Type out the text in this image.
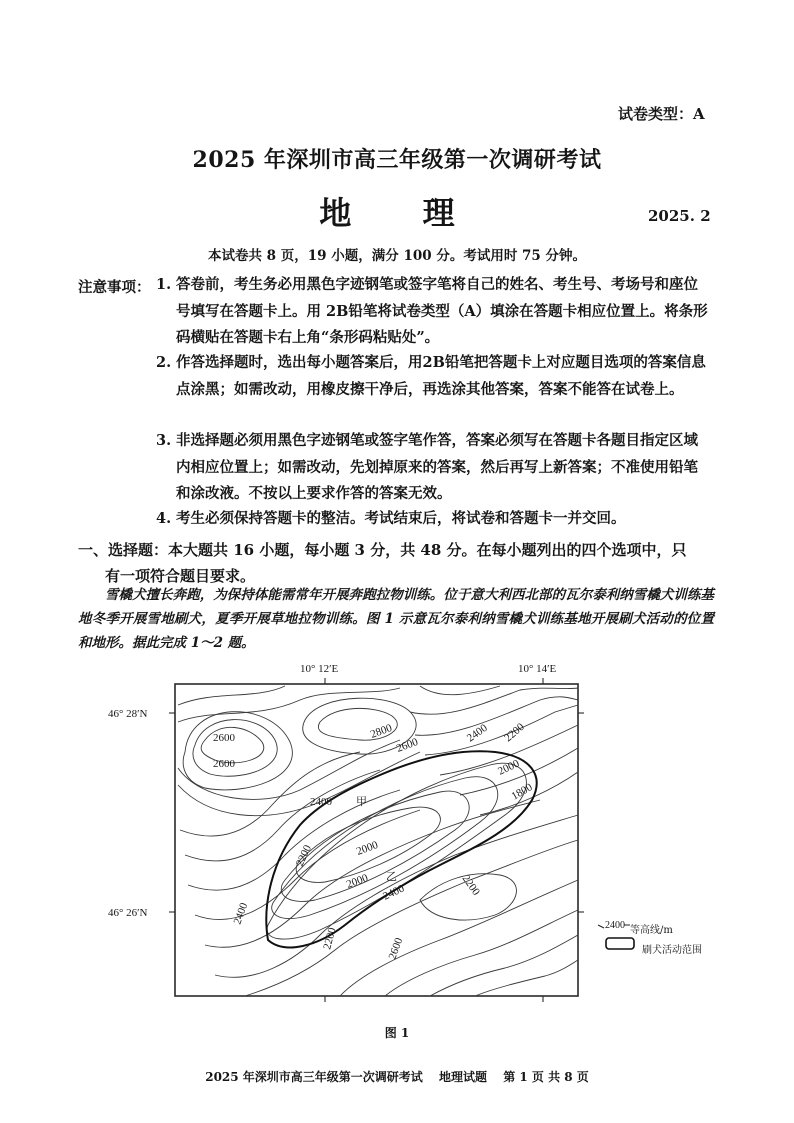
试卷类型：A
2025 年深圳市高三年级第一次调研考试
地 理	2025. 2
本试卷共 8 页，19 小题，满分 100 分。考试用时 75 分钟。
注意事项： 1. 答卷前，考生务必用黑色字迹钢笔或签字笔将自己的姓名、考生号、考场号和座位号填写在答题卡上。用 2B铅笔将试卷类型（A）填涂在答题卡相应位置上。将条形码横贴在答题卡右上角“条形码粘贴处”。
2. 作答选择题时，选出每小题答案后，用2B铅笔把答题卡上对应题目选项的答案信息点涂黑；如需改动，用橡皮擦干净后，再选涂其他答案，答案不能答在试卷上。
3. 非选择题必须用黑色字迹钢笔或签字笔作答，答案必须写在答题卡各题目指定区域内相应位置上；如需改动，先划掉原来的答案，然后再写上新答案；不准使用铅笔和涂改液。不按以上要求作答的答案无效。
4. 考生必须保持答题卡的整洁。考试结束后，将试卷和答题卡一并交回。
一、选择题：本大题共 16 小题，每小题 3 分，共 48 分。在每小题列出的四个选项中，只
有一项符合题目要求。
雪橇犬擅长奔跑，为保持体能需常年开展奔跑拉物训练。位于意大利西北部的瓦尔泰利纳雪橇犬训练基地冬季开展雪地刷犬，夏季开展草地拉物训练。图 1 示意瓦尔泰利纳雪橇犬训练基地开展刷犬活动的位置和地形。据此完成 1～2 题。
10° 12′E	10° 14′E
46° 28′N
46° 26′N
2600
2600
2800
2600
2400 2200
2000
1800
2400 甲
2200	2000
2000 乙	2200
2400
2400
2200	2600
2400 等高线/m
刷犬活动范围
图 1
2025 年深圳市高三年级第一次调研考试 地理试题 第 1 页 共 8 页
